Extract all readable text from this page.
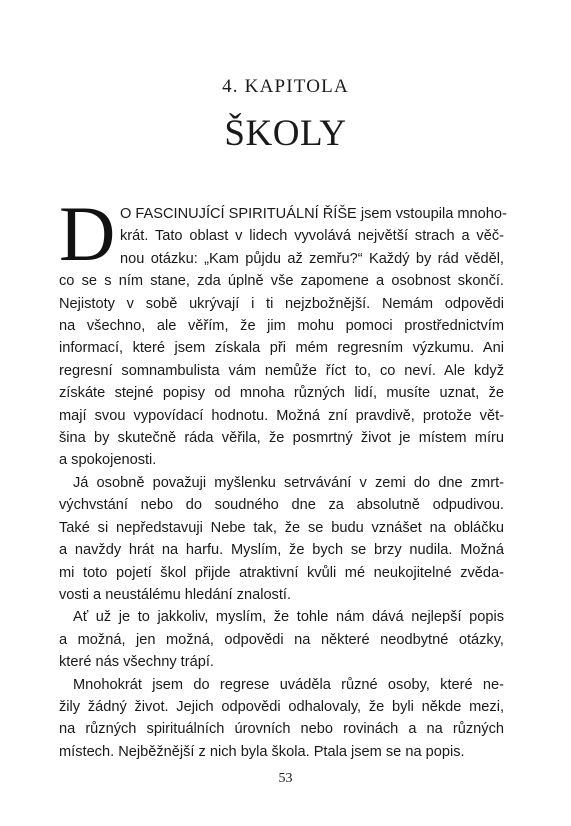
4. KAPITOLA
ŠKOLY
D O FASCINUJÍCÍ SPIRITUÁLNÍ ŘÍŠE jsem vstoupila mnoho-
krát. Tato oblast v lidech vyvolává největší strach a věč-
nou otázku: „Kam půjdu až zemřu?“ Každý by rád věděl,
co se s ním stane, zda úplně vše zapomene a osobnost skončí.
Nejistoty v sobě ukrývají i ti nejzbožnější. Nemám odpovědi
na všechno, ale věřím, že jim mohu pomoci prostřednictvím
informací, které jsem získala při mém regresním výzkumu. Ani
regresní somnambulista vám nemůže říct to, co neví. Ale když
získáte stejné popisy od mnoha různých lidí, musíte uznat, že
mají svou vypovídací hodnotu. Možná zní pravdivě, protože vět-
šina by skutečně ráda věřila, že posmrtný život je místem míru
a spokojenosti.
Já osobně považuji myšlenku setrvávání v zemi do dne zmrt-
výchvstání nebo do soudného dne za absolutně odpudivou.
Také si nepředstavuji Nebe tak, že se budu vznášet na obláčku
a navždy hrát na harfu. Myslím, že bych se brzy nudila. Možná
mi toto pojetí škol přijde atraktivní kvůli mé neukojitelné zvěda-
vosti a neustálému hledání znalostí.
Ať už je to jakkoliv, myslím, že tohle nám dává nejlepší popis
a možná, jen možná, odpovědi na některé neodbytné otázky,
které nás všechny trápí.
Mnohokrát jsem do regrese uváděla různé osoby, které ne-
žily žádný život. Jejich odpovědi odhalovaly, že byli někde mezi,
na různých spirituálních úrovních nebo rovinách a na různých
místech. Nejběžnější z nich byla škola. Ptala jsem se na popis.
53
